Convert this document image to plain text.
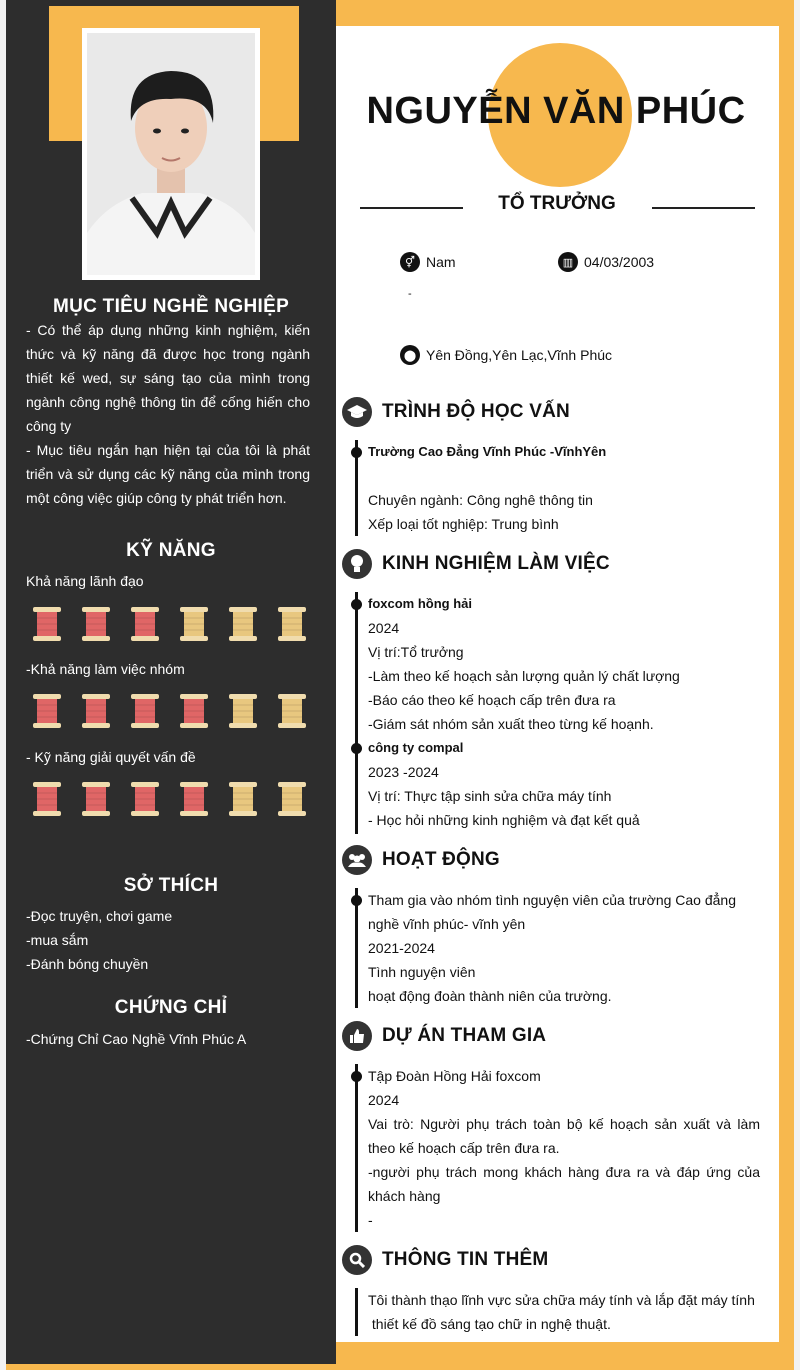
MỤC TIÊU NGHỀ NGHIỆP
- Có thể áp dụng những kinh nghiệm, kiến thức và kỹ năng đã được học trong ngành thiết kế wed, sự sáng tạo của mình trong ngành công nghệ thông tin để cống hiến cho công ty
- Mục tiêu ngắn hạn hiện tại của tôi là phát triển và sử dụng các kỹ năng của mình trong một công việc giúp công ty phát triển hơn.
KỸ NĂNG
Khả năng lãnh đạo
-Khả năng làm việc nhóm
- Kỹ năng giải quyết vấn đề
SỞ THÍCH
-Đọc truyện, chơi game
-mua sắm
-Đánh bóng chuyền
CHỨNG CHỈ
-Chứng Chỉ Cao Nghề Vĩnh Phúc A
NGUYỄN VĂN PHÚC
TỔ TRƯỞNG
⚥ Nam	▥ 04/03/2003
-
⬤ Yên Đồng,Yên Lạc,Vĩnh Phúc
TRÌNH ĐỘ HỌC VẤN
Trường Cao Đẳng Vĩnh Phúc -VĩnhYên
Chuyên ngành: Công nghê thông tin
Xếp loại tốt nghiệp: Trung bình
KINH NGHIỆM LÀM VIỆC
foxcom hồng hải
2024
Vị trí:Tổ trưởng
-Làm theo kế hoạch sản lượng quản lý chất lượng
-Báo cáo theo kế hoạch cấp trên đưa ra
-Giám sát nhóm sản xuất theo từng kế hoạnh.
công ty compal
2023 -2024
Vị trí: Thực tập sinh sửa chữa máy tính
- Học hỏi những kinh nghiệm và đạt kết quả
HOẠT ĐỘNG
Tham gia vào nhóm tình nguyện viên của trường Cao đẳng nghề vĩnh phúc- vĩnh yên
2021-2024
Tình nguyện viên
hoạt động đoàn thành niên của trường.
DỰ ÁN THAM GIA
Tập Đoàn Hồng Hải foxcom
2024
Vai trò: Người phụ trách toàn bộ kế hoạch sản xuất và làm theo kế hoạch cấp trên đưa ra.
-người phụ trách mong khách hàng đưa ra và đáp ứng của khách hàng
-
THÔNG TIN THÊM
Tôi thành thạo lĩnh vực sửa chữa máy tính và lắp đặt máy tính
thiết kế đồ sáng tạo chữ in nghệ thuật.
